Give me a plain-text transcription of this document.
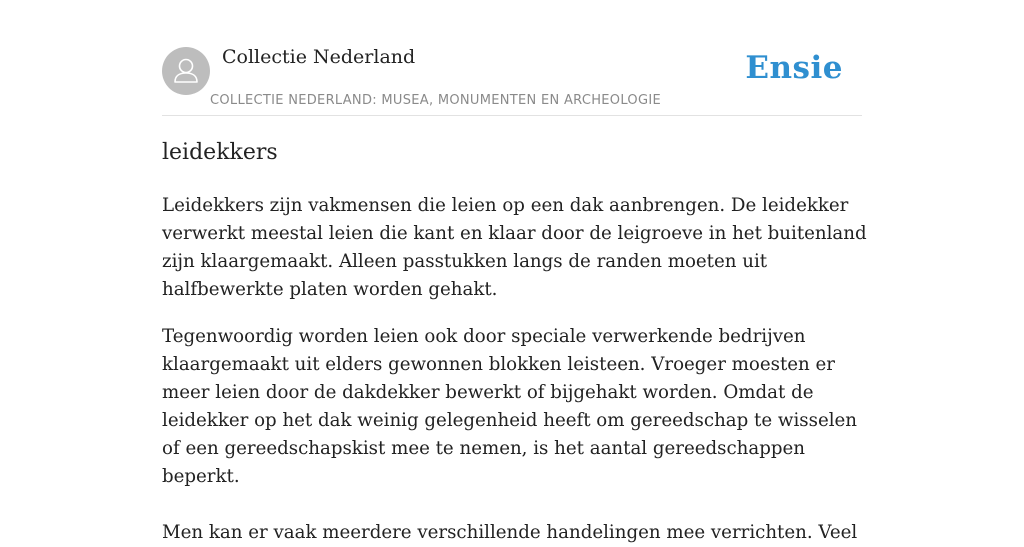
Collectie Nederland
COLLECTIE NEDERLAND: MUSEA, MONUMENTEN EN ARCHEOLOGIE
Ensie
leidekkers

Leidekkers zijn vakmensen die leien op een dak aanbrengen. De leidekker verwerkt meestal leien die kant en klaar door de leigroeve in het buitenland zijn klaargemaakt. Alleen passtukken langs de randen moeten uit halfbewerkte platen worden gehakt.

Tegenwoordig worden leien ook door speciale verwerkende bedrijven klaargemaakt uit elders gewonnen blokken leisteen. Vroeger moesten er meer leien door de dakdekker bewerkt of bijgehakt worden. Omdat de leidekker op het dak weinig gelegenheid heeft om gereedschap te wisselen of een gereedschapskist mee te nemen, is het aantal gereedschappen beperkt.

Men kan er vaak meerdere verschillende handelingen mee verrichten. Veel
